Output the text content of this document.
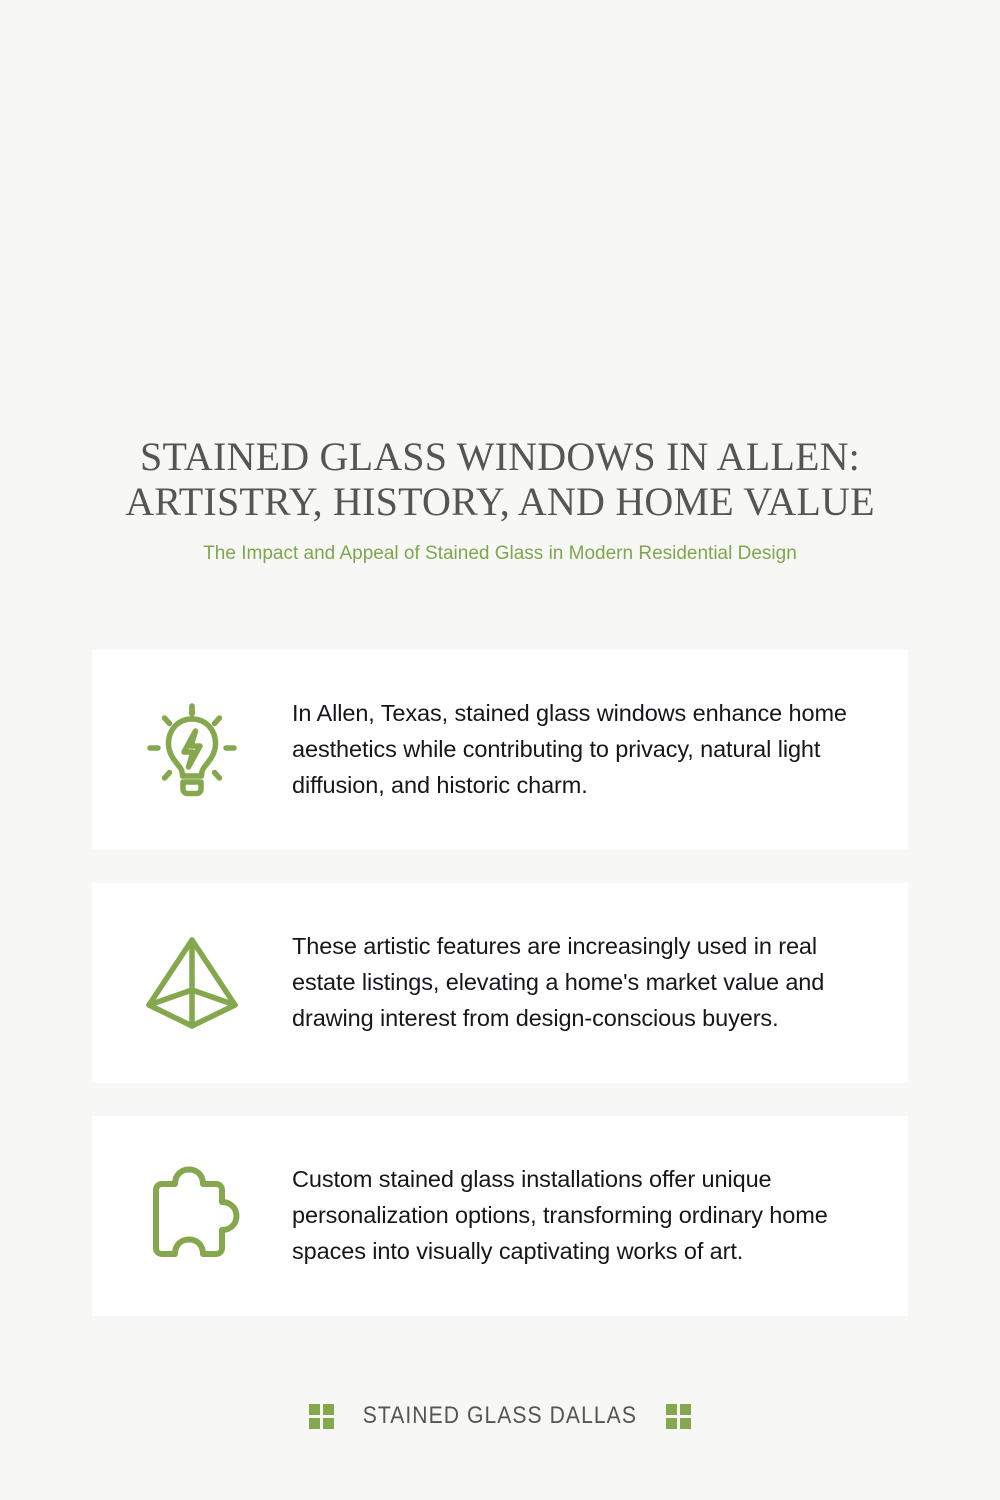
STAINED GLASS WINDOWS IN ALLEN: ARTISTRY, HISTORY, AND HOME VALUE

The Impact and Appeal of Stained Glass in Modern Residential Design

In Allen, Texas, stained glass windows enhance home aesthetics while contributing to privacy, natural light diffusion, and historic charm.
These artistic features are increasingly used in real estate listings, elevating a home's market value and drawing interest from design-conscious buyers.
Custom stained glass installations offer unique personalization options, transforming ordinary home spaces into visually captivating works of art.
STAINED GLASS DALLAS
